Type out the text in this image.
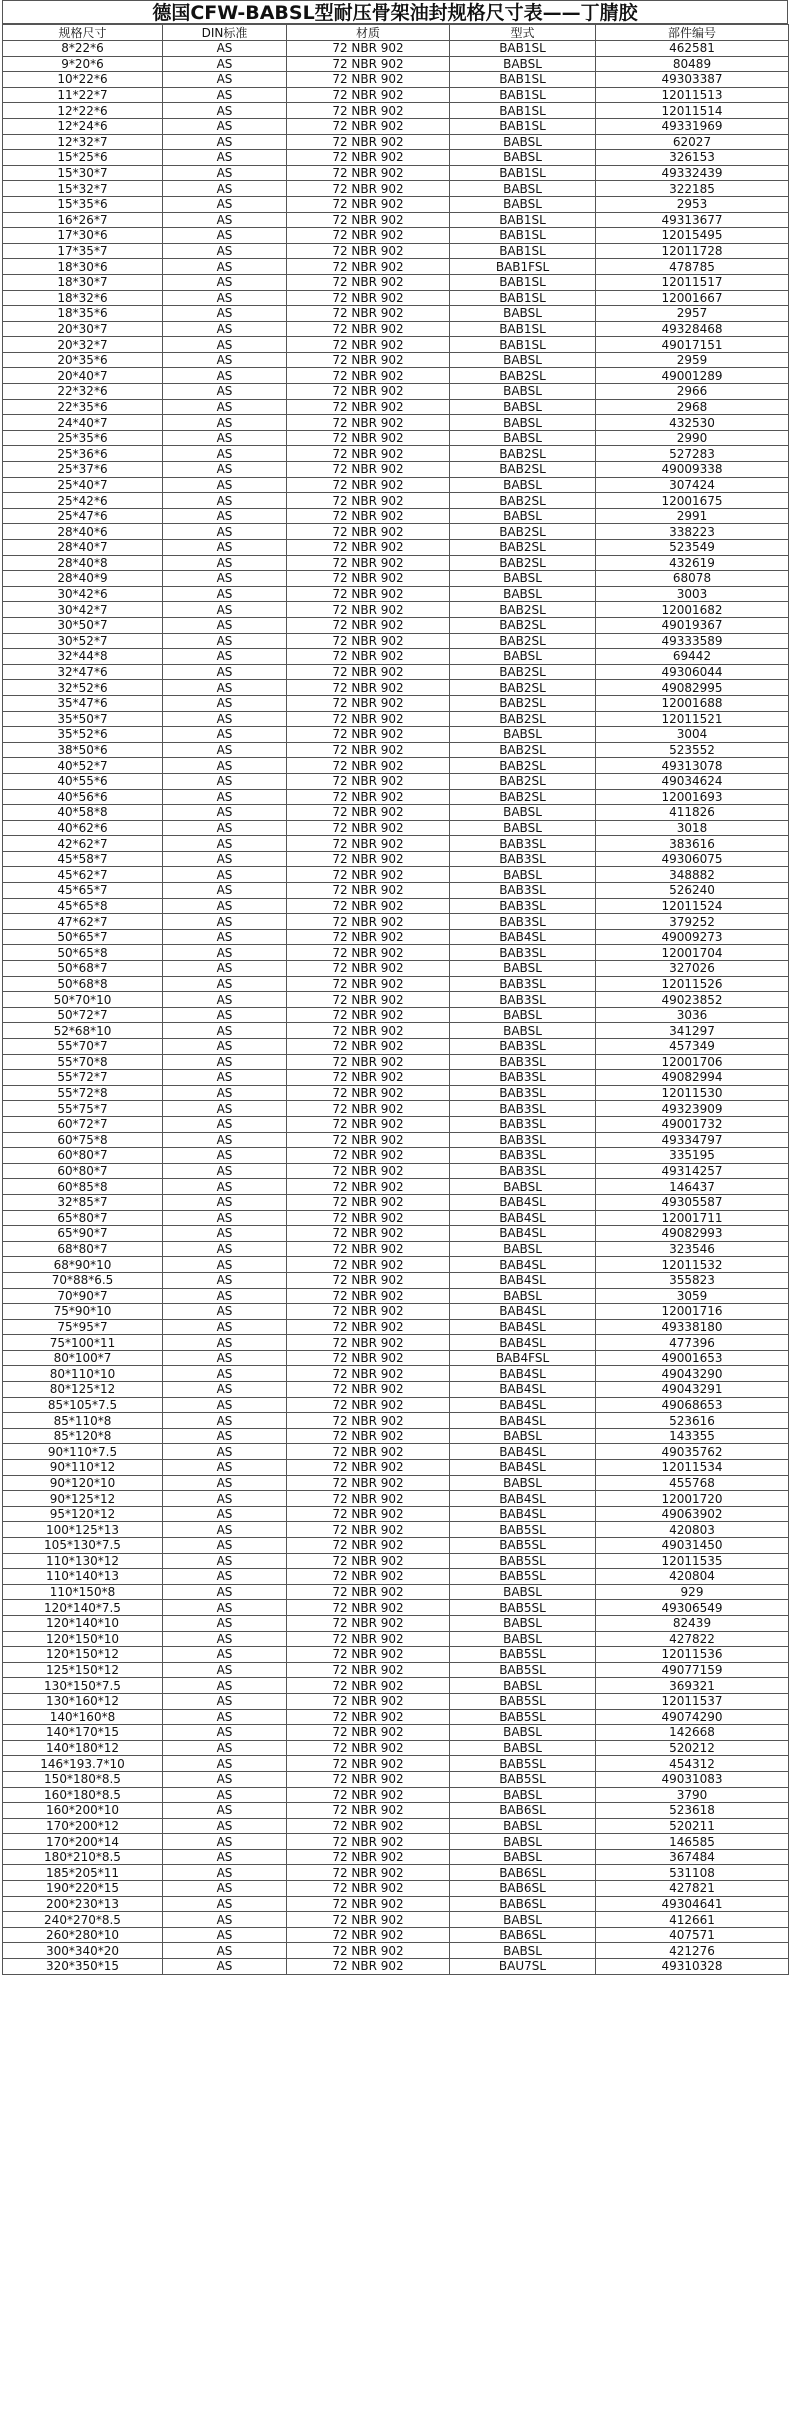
德国CFW-BABSL型耐压骨架油封规格尺寸表——丁腈胶
规格尺寸	DIN标准	材质	型式	部件编号
8*22*6	AS	72 NBR 902	BAB1SL	462581
9*20*6	AS	72 NBR 902	BABSL	80489
10*22*6	AS	72 NBR 902	BAB1SL	49303387
11*22*7	AS	72 NBR 902	BAB1SL	12011513
12*22*6	AS	72 NBR 902	BAB1SL	12011514
12*24*6	AS	72 NBR 902	BAB1SL	49331969
12*32*7	AS	72 NBR 902	BABSL	62027
15*25*6	AS	72 NBR 902	BABSL	326153
15*30*7	AS	72 NBR 902	BAB1SL	49332439
15*32*7	AS	72 NBR 902	BABSL	322185
15*35*6	AS	72 NBR 902	BABSL	2953
16*26*7	AS	72 NBR 902	BAB1SL	49313677
17*30*6	AS	72 NBR 902	BAB1SL	12015495
17*35*7	AS	72 NBR 902	BAB1SL	12011728
18*30*6	AS	72 NBR 902	BAB1FSL	478785
18*30*7	AS	72 NBR 902	BAB1SL	12011517
18*32*6	AS	72 NBR 902	BAB1SL	12001667
18*35*6	AS	72 NBR 902	BABSL	2957
20*30*7	AS	72 NBR 902	BAB1SL	49328468
20*32*7	AS	72 NBR 902	BAB1SL	49017151
20*35*6	AS	72 NBR 902	BABSL	2959
20*40*7	AS	72 NBR 902	BAB2SL	49001289
22*32*6	AS	72 NBR 902	BABSL	2966
22*35*6	AS	72 NBR 902	BABSL	2968
24*40*7	AS	72 NBR 902	BABSL	432530
25*35*6	AS	72 NBR 902	BABSL	2990
25*36*6	AS	72 NBR 902	BAB2SL	527283
25*37*6	AS	72 NBR 902	BAB2SL	49009338
25*40*7	AS	72 NBR 902	BABSL	307424
25*42*6	AS	72 NBR 902	BAB2SL	12001675
25*47*6	AS	72 NBR 902	BABSL	2991
28*40*6	AS	72 NBR 902	BAB2SL	338223
28*40*7	AS	72 NBR 902	BAB2SL	523549
28*40*8	AS	72 NBR 902	BAB2SL	432619
28*40*9	AS	72 NBR 902	BABSL	68078
30*42*6	AS	72 NBR 902	BABSL	3003
30*42*7	AS	72 NBR 902	BAB2SL	12001682
30*50*7	AS	72 NBR 902	BAB2SL	49019367
30*52*7	AS	72 NBR 902	BAB2SL	49333589
32*44*8	AS	72 NBR 902	BABSL	69442
32*47*6	AS	72 NBR 902	BAB2SL	49306044
32*52*6	AS	72 NBR 902	BAB2SL	49082995
35*47*6	AS	72 NBR 902	BAB2SL	12001688
35*50*7	AS	72 NBR 902	BAB2SL	12011521
35*52*6	AS	72 NBR 902	BABSL	3004
38*50*6	AS	72 NBR 902	BAB2SL	523552
40*52*7	AS	72 NBR 902	BAB2SL	49313078
40*55*6	AS	72 NBR 902	BAB2SL	49034624
40*56*6	AS	72 NBR 902	BAB2SL	12001693
40*58*8	AS	72 NBR 902	BABSL	411826
40*62*6	AS	72 NBR 902	BABSL	3018
42*62*7	AS	72 NBR 902	BAB3SL	383616
45*58*7	AS	72 NBR 902	BAB3SL	49306075
45*62*7	AS	72 NBR 902	BABSL	348882
45*65*7	AS	72 NBR 902	BAB3SL	526240
45*65*8	AS	72 NBR 902	BAB3SL	12011524
47*62*7	AS	72 NBR 902	BAB3SL	379252
50*65*7	AS	72 NBR 902	BAB4SL	49009273
50*65*8	AS	72 NBR 902	BAB3SL	12001704
50*68*7	AS	72 NBR 902	BABSL	327026
50*68*8	AS	72 NBR 902	BAB3SL	12011526
50*70*10	AS	72 NBR 902	BAB3SL	49023852
50*72*7	AS	72 NBR 902	BABSL	3036
52*68*10	AS	72 NBR 902	BABSL	341297
55*70*7	AS	72 NBR 902	BAB3SL	457349
55*70*8	AS	72 NBR 902	BAB3SL	12001706
55*72*7	AS	72 NBR 902	BAB3SL	49082994
55*72*8	AS	72 NBR 902	BAB3SL	12011530
55*75*7	AS	72 NBR 902	BAB3SL	49323909
60*72*7	AS	72 NBR 902	BAB3SL	49001732
60*75*8	AS	72 NBR 902	BAB3SL	49334797
60*80*7	AS	72 NBR 902	BAB3SL	335195
60*80*7	AS	72 NBR 902	BAB3SL	49314257
60*85*8	AS	72 NBR 902	BABSL	146437
32*85*7	AS	72 NBR 902	BAB4SL	49305587
65*80*7	AS	72 NBR 902	BAB4SL	12001711
65*90*7	AS	72 NBR 902	BAB4SL	49082993
68*80*7	AS	72 NBR 902	BABSL	323546
68*90*10	AS	72 NBR 902	BAB4SL	12011532
70*88*6.5	AS	72 NBR 902	BAB4SL	355823
70*90*7	AS	72 NBR 902	BABSL	3059
75*90*10	AS	72 NBR 902	BAB4SL	12001716
75*95*7	AS	72 NBR 902	BAB4SL	49338180
75*100*11	AS	72 NBR 902	BAB4SL	477396
80*100*7	AS	72 NBR 902	BAB4FSL	49001653
80*110*10	AS	72 NBR 902	BAB4SL	49043290
80*125*12	AS	72 NBR 902	BAB4SL	49043291
85*105*7.5	AS	72 NBR 902	BAB4SL	49068653
85*110*8	AS	72 NBR 902	BAB4SL	523616
85*120*8	AS	72 NBR 902	BABSL	143355
90*110*7.5	AS	72 NBR 902	BAB4SL	49035762
90*110*12	AS	72 NBR 902	BAB4SL	12011534
90*120*10	AS	72 NBR 902	BABSL	455768
90*125*12	AS	72 NBR 902	BAB4SL	12001720
95*120*12	AS	72 NBR 902	BAB4SL	49063902
100*125*13	AS	72 NBR 902	BAB5SL	420803
105*130*7.5	AS	72 NBR 902	BAB5SL	49031450
110*130*12	AS	72 NBR 902	BAB5SL	12011535
110*140*13	AS	72 NBR 902	BAB5SL	420804
110*150*8	AS	72 NBR 902	BABSL	929
120*140*7.5	AS	72 NBR 902	BAB5SL	49306549
120*140*10	AS	72 NBR 902	BABSL	82439
120*150*10	AS	72 NBR 902	BABSL	427822
120*150*12	AS	72 NBR 902	BAB5SL	12011536
125*150*12	AS	72 NBR 902	BAB5SL	49077159
130*150*7.5	AS	72 NBR 902	BABSL	369321
130*160*12	AS	72 NBR 902	BAB5SL	12011537
140*160*8	AS	72 NBR 902	BAB5SL	49074290
140*170*15	AS	72 NBR 902	BABSL	142668
140*180*12	AS	72 NBR 902	BABSL	520212
146*193.7*10	AS	72 NBR 902	BAB5SL	454312
150*180*8.5	AS	72 NBR 902	BAB5SL	49031083
160*180*8.5	AS	72 NBR 902	BABSL	3790
160*200*10	AS	72 NBR 902	BAB6SL	523618
170*200*12	AS	72 NBR 902	BABSL	520211
170*200*14	AS	72 NBR 902	BABSL	146585
180*210*8.5	AS	72 NBR 902	BABSL	367484
185*205*11	AS	72 NBR 902	BAB6SL	531108
190*220*15	AS	72 NBR 902	BAB6SL	427821
200*230*13	AS	72 NBR 902	BAB6SL	49304641
240*270*8.5	AS	72 NBR 902	BABSL	412661
260*280*10	AS	72 NBR 902	BAB6SL	407571
300*340*20	AS	72 NBR 902	BABSL	421276
320*350*15	AS	72 NBR 902	BAU7SL	49310328
